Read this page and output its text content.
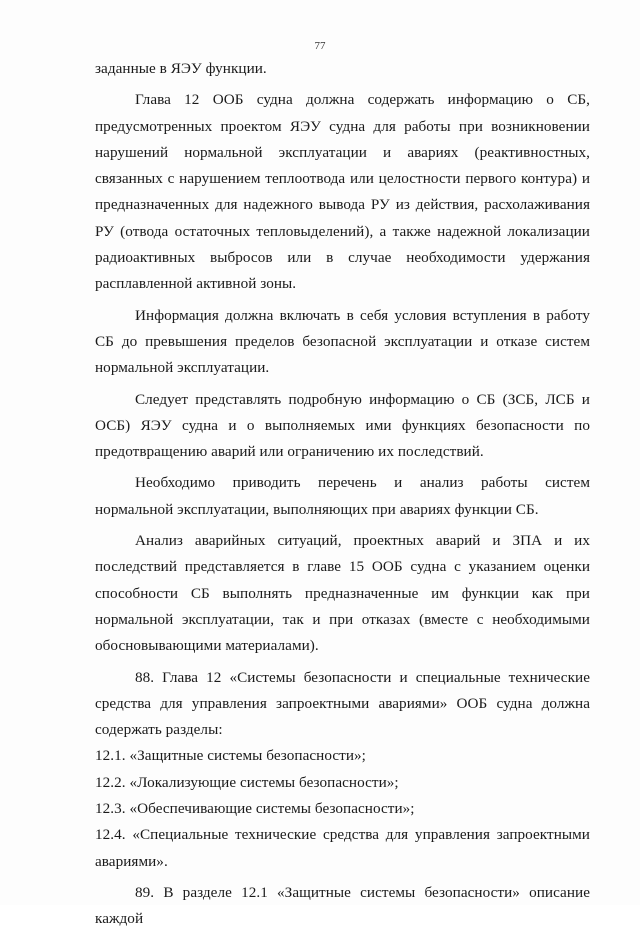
77

заданные в ЯЭУ функции.

Глава 12 ООБ судна должна содержать информацию о СБ, предусмотренных проектом ЯЭУ судна для работы при возникновении нарушений нормальной эксплуатации и авариях (реактивностных, связанных с нарушением теплоотвода или целостности первого контура) и предназначенных для надежного вывода РУ из действия, расхолаживания РУ (отвода остаточных тепловыделений), а также надежной локализации радиоактивных выбросов или в случае необходимости удержания расплавленной активной зоны.

Информация должна включать в себя условия вступления в работу СБ до превышения пределов безопасной эксплуатации и отказе систем нормальной эксплуатации.

Следует представлять подробную информацию о СБ (ЗСБ, ЛСБ и ОСБ) ЯЭУ судна и о выполняемых ими функциях безопасности по предотвращению аварий или ограничению их последствий.

Необходимо приводить перечень и анализ работы систем нормальной эксплуатации, выполняющих при авариях функции СБ.

Анализ аварийных ситуаций, проектных аварий и ЗПА и их последствий представляется в главе 15 ООБ судна с указанием оценки способности СБ выполнять предназначенные им функции как при нормальной эксплуатации, так и при отказах (вместе с необходимыми обосновывающими материалами).

88. Глава 12 «Системы безопасности и специальные технические средства для управления запроектными авариями» ООБ судна должна содержать разделы:

12.1. «Защитные системы безопасности»;

12.2. «Локализующие системы безопасности»;

12.3. «Обеспечивающие системы безопасности»;

12.4. «Специальные технические средства для управления запроектными авариями».

89. В разделе 12.1 «Защитные системы безопасности» описание каждой
